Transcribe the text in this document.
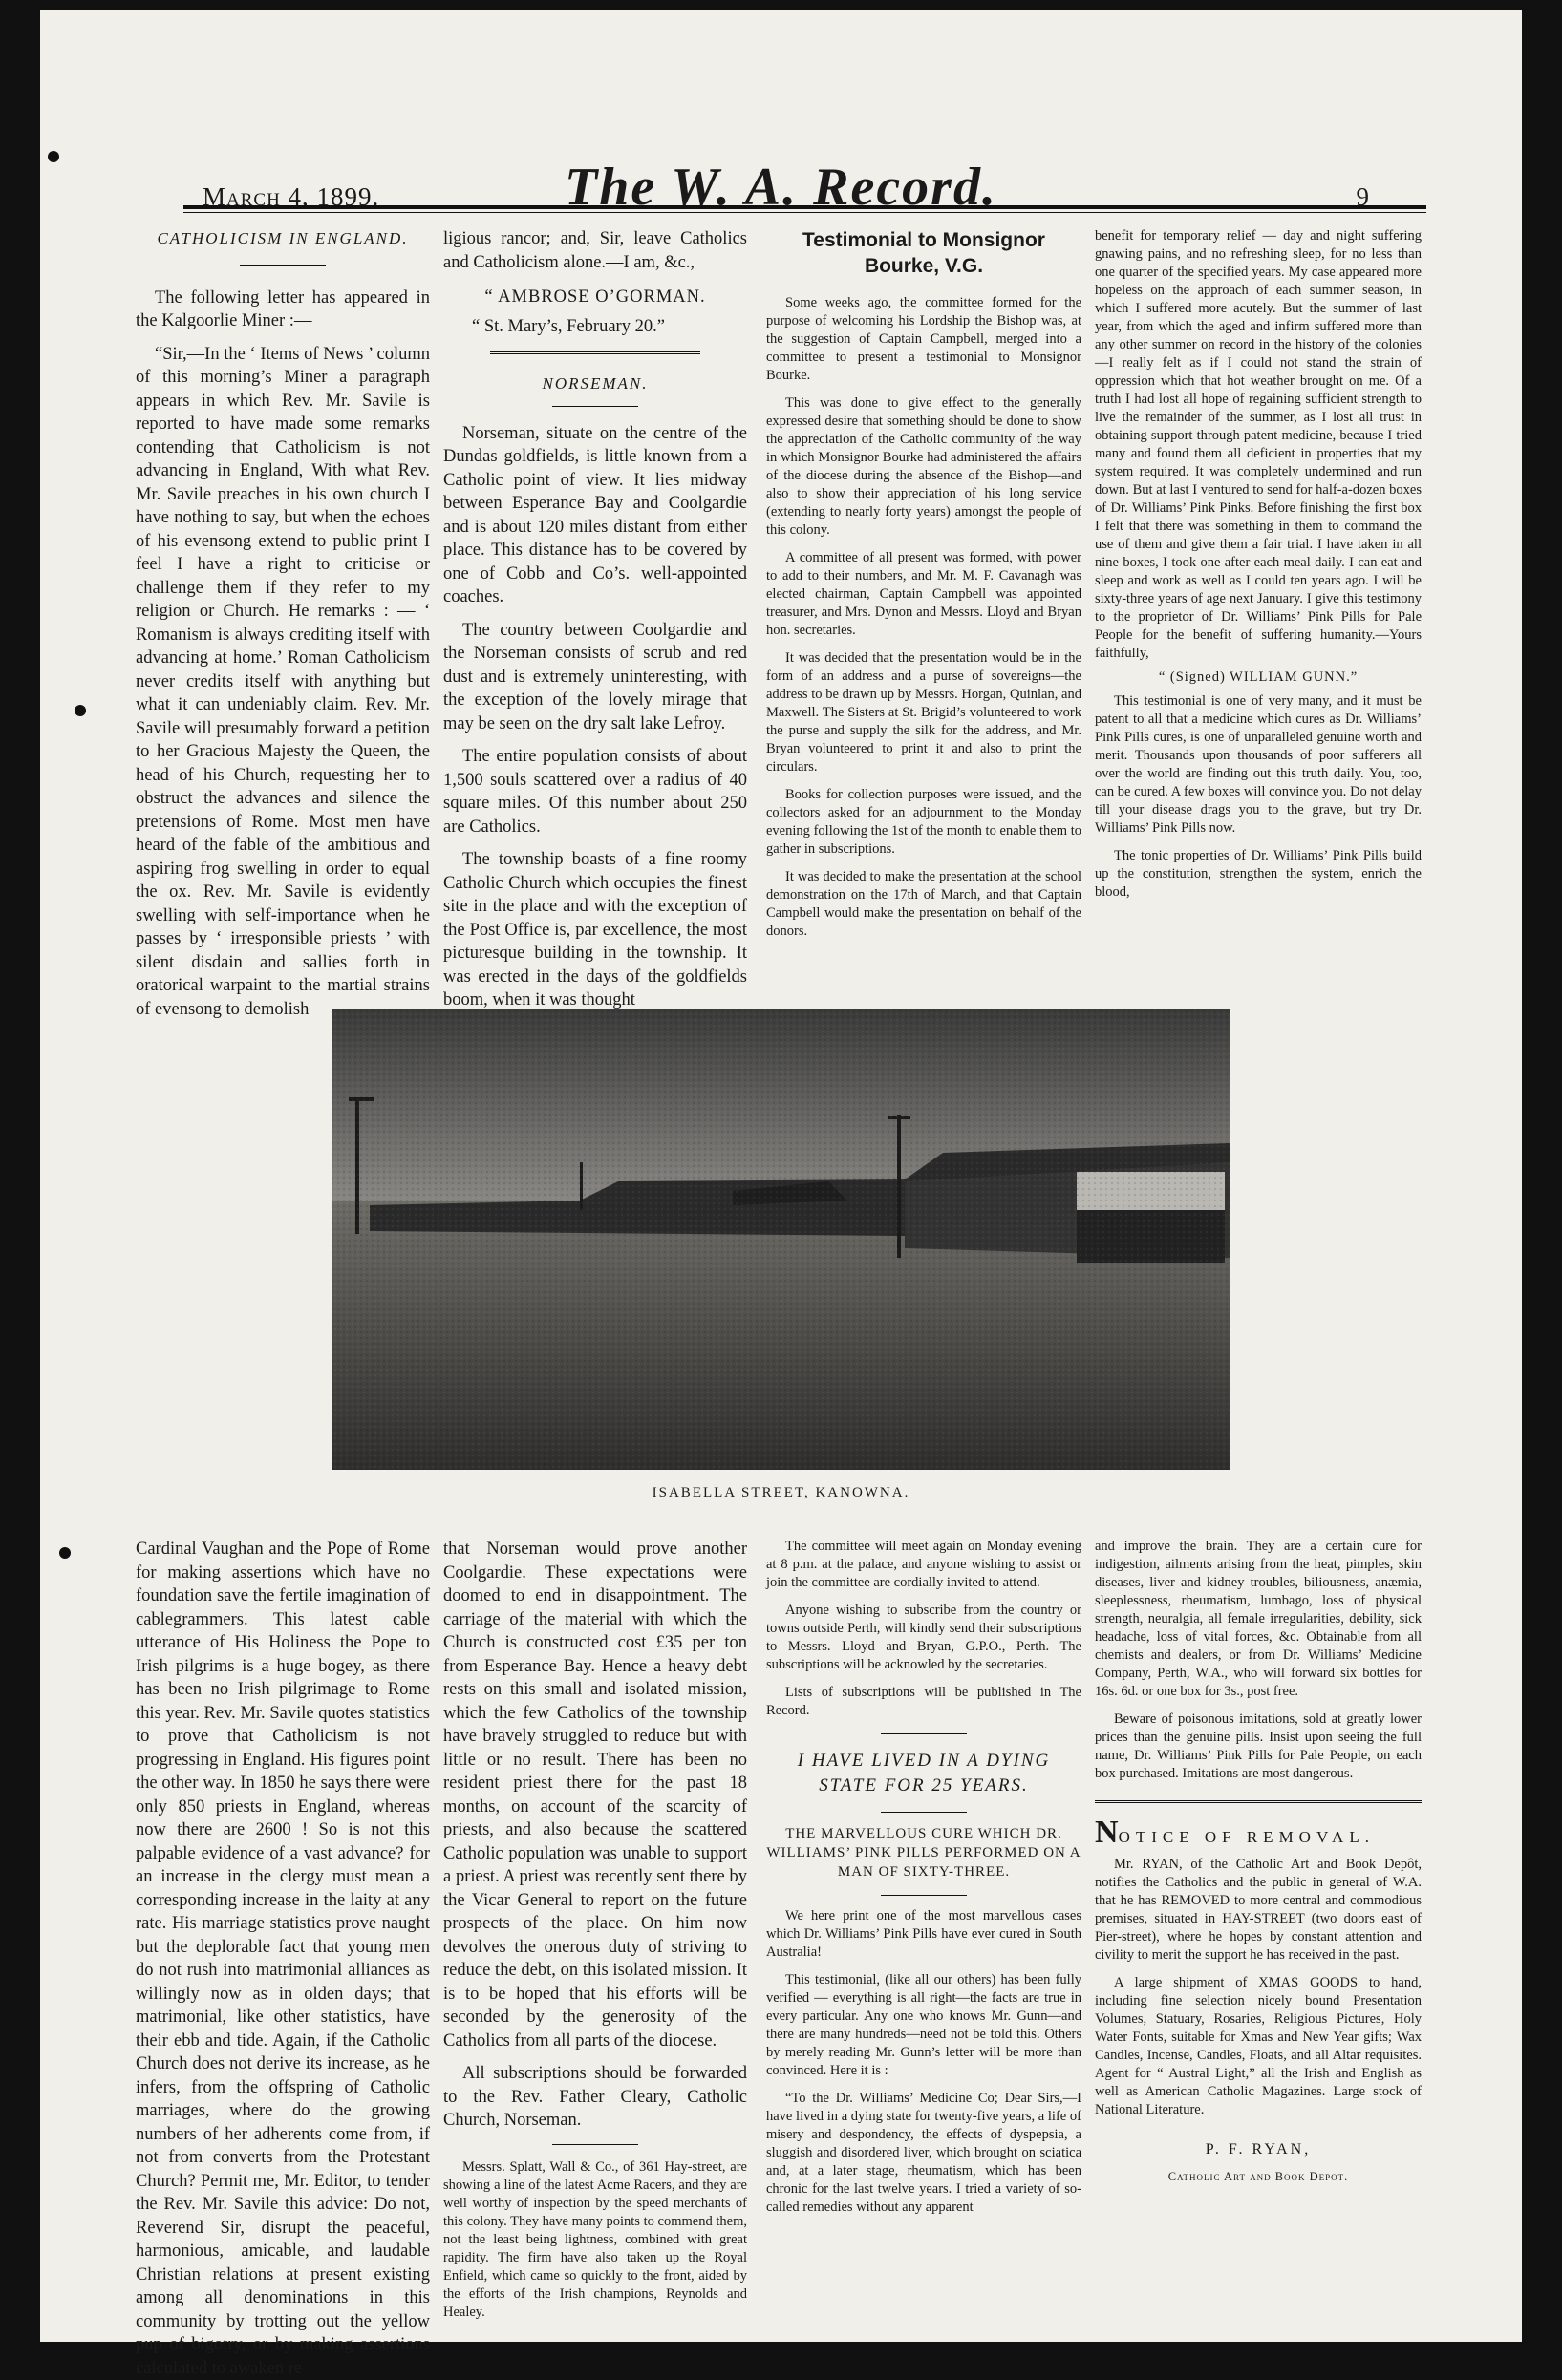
March 4, 1899.	The W. A. Record.	9
CATHOLICISM IN ENGLAND.

The following letter has appeared in the Kalgoorlie Miner :—

“Sir,—In the ‘ Items of News ’ column of this morning’s Miner a paragraph appears in which Rev. Mr. Savile is reported to have made some remarks contending that Catholicism is not advancing in England, With what Rev. Mr. Savile preaches in his own church I have nothing to say, but when the echoes of his evensong extend to public print I feel I have a right to criticise or challenge them if they refer to my religion or Church. He remarks : — ‘ Romanism is always crediting itself with advancing at home.’ Roman Catholicism never credits itself with anything but what it can undeniably claim. Rev. Mr. Savile will presumably forward a petition to her Gracious Majesty the Queen, the head of his Church, requesting her to obstruct the advances and silence the pretensions of Rome. Most men have heard of the fable of the ambitious and aspiring frog swelling in order to equal the ox. Rev. Mr. Savile is evidently swelling with self-importance when he passes by ‘ irresponsible priests ’ with silent disdain and sallies forth in oratorical warpaint to the martial strains of evensong to demolish

ligious rancor; and, Sir, leave Catholics and Catholicism alone.—I am, &c.,

“ AMBROSE O’GORMAN.
“ St. Mary’s, February 20.”
NORSEMAN.

Norseman, situate on the centre of the Dundas goldfields, is little known from a Catholic point of view. It lies midway between Esperance Bay and Coolgardie and is about 120 miles distant from either place. This distance has to be covered by one of Cobb and Co’s. well-appointed coaches.

The country between Coolgardie and the Norseman consists of scrub and red dust and is extremely uninteresting, with the exception of the lovely mirage that may be seen on the dry salt lake Lefroy.

The entire population consists of about 1,500 souls scattered over a radius of 40 square miles. Of this number about 250 are Catholics.

The township boasts of a fine roomy Catholic Church which occupies the finest site in the place and with the exception of the Post Office is, par excellence, the most picturesque building in the township. It was erected in the days of the goldfields boom, when it was thought

Testimonial to Monsignor Bourke, V.G.

Some weeks ago, the committee formed for the purpose of welcoming his Lordship the Bishop was, at the suggestion of Captain Campbell, merged into a committee to present a testimonial to Monsignor Bourke.

This was done to give effect to the generally expressed desire that something should be done to show the appreciation of the Catholic community of the way in which Monsignor Bourke had administered the affairs of the diocese during the absence of the Bishop—and also to show their appreciation of his long service (extending to nearly forty years) amongst the people of this colony.

A committee of all present was formed, with power to add to their numbers, and Mr. M. F. Cavanagh was elected chairman, Captain Campbell was appointed treasurer, and Mrs. Dynon and Messrs. Lloyd and Bryan hon. secretaries.

It was decided that the presentation would be in the form of an address and a purse of sovereigns—the address to be drawn up by Messrs. Horgan, Quinlan, and Maxwell. The Sisters at St. Brigid’s volunteered to work the purse and supply the silk for the address, and Mr. Bryan volunteered to print it and also to print the circulars.

Books for collection purposes were issued, and the collectors asked for an adjournment to the Monday evening following the 1st of the month to enable them to gather in subscriptions.

It was decided to make the presentation at the school demonstration on the 17th of March, and that Captain Campbell would make the presentation on behalf of the donors.

benefit for temporary relief — day and night suffering gnawing pains, and no refreshing sleep, for no less than one quarter of the specified years. My case appeared more hopeless on the approach of each summer season, in which I suffered more acutely. But the summer of last year, from which the aged and infirm suffered more than any other summer on record in the history of the colonies—I really felt as if I could not stand the strain of oppression which that hot weather brought on me. Of a truth I had lost all hope of regaining sufficient strength to live the remainder of the summer, as I lost all trust in obtaining support through patent medicine, because I tried many and found them all deficient in properties that my system required. It was completely undermined and run down. But at last I ventured to send for half-a-dozen boxes of Dr. Williams’ Pink Pinks. Before finishing the first box I felt that there was something in them to command the use of them and give them a fair trial. I have taken in all nine boxes, I took one after each meal daily. I can eat and sleep and work as well as I could ten years ago. I will be sixty-three years of age next January. I give this testimony to the proprietor of Dr. Williams’ Pink Pills for Pale People for the benefit of suffering humanity.—Yours faithfully,

“ (Signed) WILLIAM GUNN.”

This testimonial is one of very many, and it must be patent to all that a medicine which cures as Dr. Williams’ Pink Pills cures, is one of unparalleled genuine worth and merit. Thousands upon thousands of poor sufferers all over the world are finding out this truth daily. You, too, can be cured. A few boxes will convince you. Do not delay till your disease drags you to the grave, but try Dr. Williams’ Pink Pills now.

The tonic properties of Dr. Williams’ Pink Pills build up the constitution, strengthen the system, enrich the blood,

ISABELLA STREET, KANOWNA.

Cardinal Vaughan and the Pope of Rome for making assertions which have no foundation save the fertile imagination of cablegrammers. This latest cable utterance of His Holiness the Pope to Irish pilgrims is a huge bogey, as there has been no Irish pilgrimage to Rome this year. Rev. Mr. Savile quotes statistics to prove that Catholicism is not progressing in England. His figures point the other way. In 1850 he says there were only 850 priests in England, whereas now there are 2600 ! So is not this palpable evidence of a vast advance? for an increase in the clergy must mean a corresponding increase in the laity at any rate. His marriage statistics prove naught but the deplorable fact that young men do not rush into matrimonial alliances as willingly now as in olden days; that matrimonial, like other statistics, have their ebb and tide. Again, if the Catholic Church does not derive its increase, as he infers, from the offspring of Catholic marriages, where do the growing numbers of her adherents come from, if not from converts from the Protestant Church? Permit me, Mr. Editor, to tender the Rev. Mr. Savile this advice: Do not, Reverend Sir, disrupt the peaceful, harmonious, amicable, and laudable Christian relations at present existing among all denominations in this community by trotting out the yellow pup of bigotry, or by making assertions calculated to awaken re-

that Norseman would prove another Coolgardie. These expectations were doomed to end in disappointment. The carriage of the material with which the Church is constructed cost £35 per ton from Esperance Bay. Hence a heavy debt rests on this small and isolated mission, which the few Catholics of the township have bravely struggled to reduce but with little or no result. There has been no resident priest there for the past 18 months, on account of the scarcity of priests, and also because the scattered Catholic population was unable to support a priest. A priest was recently sent there by the Vicar General to report on the future prospects of the place. On him now devolves the onerous duty of striving to reduce the debt, on this isolated mission. It is to be hoped that his efforts will be seconded by the generosity of the Catholics from all parts of the diocese.

All subscriptions should be forwarded to the Rev. Father Cleary, Catholic Church, Norseman.

Messrs. Splatt, Wall & Co., of 361 Hay-street, are showing a line of the latest Acme Racers, and they are well worthy of inspection by the speed merchants of this colony. They have many points to commend them, not the least being lightness, combined with great rapidity. The firm have also taken up the Royal Enfield, which came so quickly to the front, aided by the efforts of the Irish champions, Reynolds and Healey.

The committee will meet again on Monday evening at 8 p.m. at the palace, and anyone wishing to assist or join the committee are cordially invited to attend.

Anyone wishing to subscribe from the country or towns outside Perth, will kindly send their subscriptions to Messrs. Lloyd and Bryan, G.P.O., Perth. The subscriptions will be acknowled by the secretaries.

Lists of subscriptions will be published in The Record.

I HAVE LIVED IN A DYING STATE FOR 25 YEARS.
THE MARVELLOUS CURE WHICH DR. WILLIAMS’ PINK PILLS PERFORMED ON A MAN OF SIXTY-THREE.

We here print one of the most marvellous cases which Dr. Williams’ Pink Pills have ever cured in South Australia!

This testimonial, (like all our others) has been fully verified — everything is all right—the facts are true in every particular. Any one who knows Mr. Gunn—and there are many hundreds—need not be told this. Others by merely reading Mr. Gunn’s letter will be more than convinced. Here it is :

“To the Dr. Williams’ Medicine Co; Dear Sirs,—I have lived in a dying state for twenty-five years, a life of misery and despondency, the effects of dyspepsia, a sluggish and disordered liver, which brought on sciatica and, at a later stage, rheumatism, which has been chronic for the last twelve years. I tried a variety of so-called remedies without any apparent

and improve the brain. They are a certain cure for indigestion, ailments arising from the heat, pimples, skin diseases, liver and kidney troubles, biliousness, anæmia, sleeplessness, rheumatism, lumbago, loss of physical strength, neuralgia, all female irregularities, debility, sick headache, loss of vital forces, &c. Obtainable from all chemists and dealers, or from Dr. Williams’ Medicine Company, Perth, W.A., who will forward six bottles for 16s. 6d. or one box for 3s., post free.

Beware of poisonous imitations, sold at greatly lower prices than the genuine pills. Insist upon seeing the full name, Dr. Williams’ Pink Pills for Pale People, on each box purchased. Imitations are most dangerous.

NOTICE OF REMOVAL.

Mr. RYAN, of the Catholic Art and Book Depôt, notifies the Catholics and the public in general of W.A. that he has REMOVED to more central and commodious premises, situated in HAY-STREET (two doors east of Pier-street), where he hopes by constant attention and civility to merit the support he has received in the past.

A large shipment of XMAS GOODS to hand, including fine selection nicely bound Presentation Volumes, Statuary, Rosaries, Religious Pictures, Holy Water Fonts, suitable for Xmas and New Year gifts; Wax Candles, Incense, Candles, Floats, and all Altar requisites. Agent for “ Austral Light,” all the Irish and English as well as American Catholic Magazines. Large stock of National Literature.

P. F. RYAN,
Catholic Art and Book Depot.
